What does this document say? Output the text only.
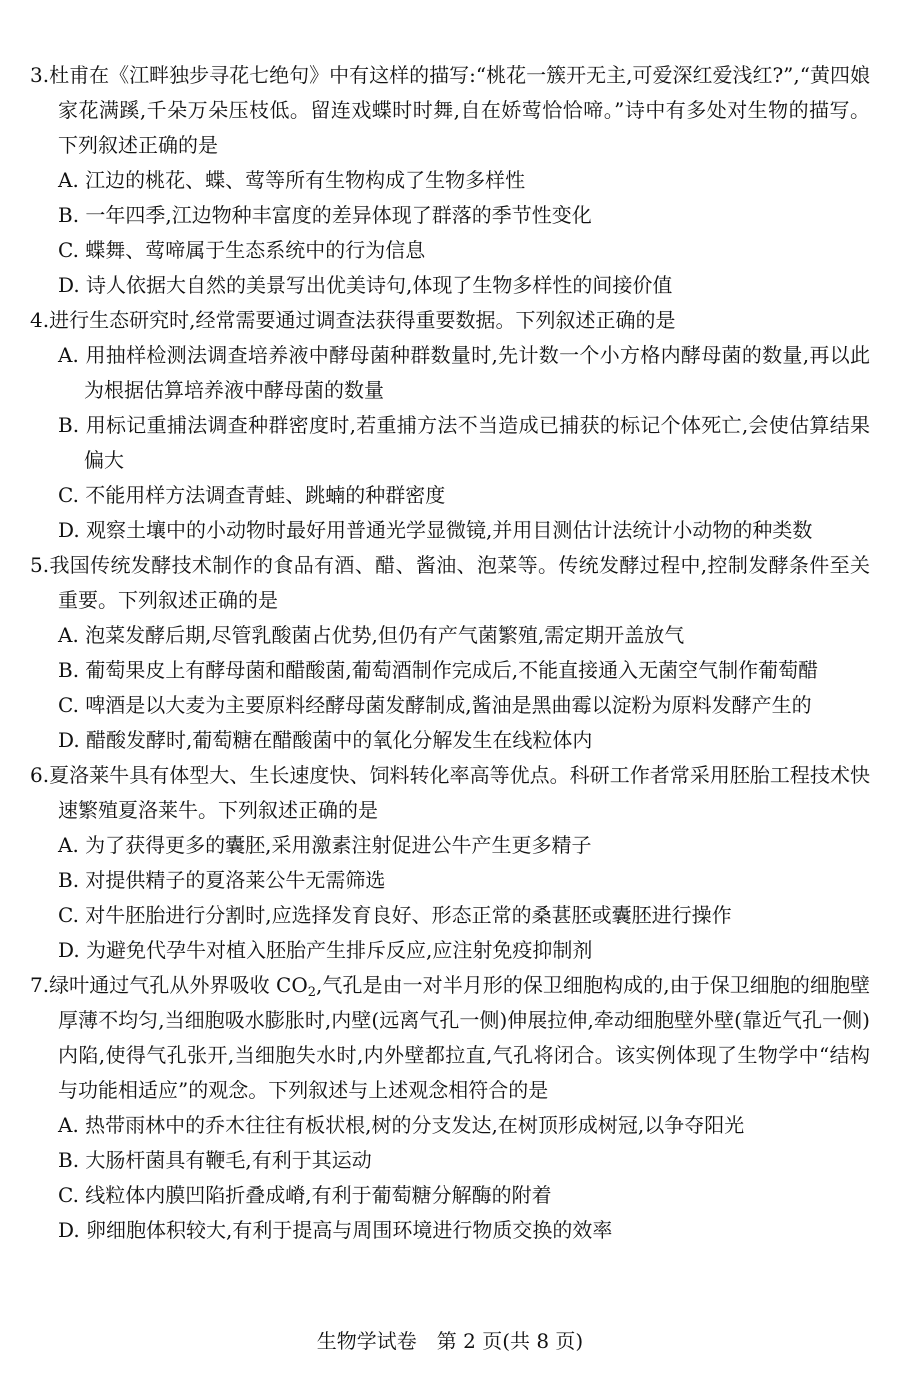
3.杜甫在《江畔独步寻花七绝句》中有这样的描写:“桃花一簇开无主,可爱深红爱浅红?”,“黄四娘家花满蹊,千朵万朵压枝低。留连戏蝶时时舞,自在娇莺恰恰啼。”诗中有多处对生物的描写。下列叙述正确的是

A. 江边的桃花、蝶、莺等所有生物构成了生物多样性
B. 一年四季,江边物种丰富度的差异体现了群落的季节性变化
C. 蝶舞、莺啼属于生态系统中的行为信息
D. 诗人依据大自然的美景写出优美诗句,体现了生物多样性的间接价值

4.进行生态研究时,经常需要通过调查法获得重要数据。下列叙述正确的是

A. 用抽样检测法调查培养液中酵母菌种群数量时,先计数一个小方格内酵母菌的数量,再以此为根据估算培养液中酵母菌的数量
B. 用标记重捕法调查种群密度时,若重捕方法不当造成已捕获的标记个体死亡,会使估算结果偏大
C. 不能用样方法调查青蛙、跳蝻的种群密度
D. 观察土壤中的小动物时最好用普通光学显微镜,并用目测估计法统计小动物的种类数

5.我国传统发酵技术制作的食品有酒、醋、酱油、泡菜等。传统发酵过程中,控制发酵条件至关重要。下列叙述正确的是

A. 泡菜发酵后期,尽管乳酸菌占优势,但仍有产气菌繁殖,需定期开盖放气
B. 葡萄果皮上有酵母菌和醋酸菌,葡萄酒制作完成后,不能直接通入无菌空气制作葡萄醋
C. 啤酒是以大麦为主要原料经酵母菌发酵制成,酱油是黑曲霉以淀粉为原料发酵产生的
D. 醋酸发酵时,葡萄糖在醋酸菌中的氧化分解发生在线粒体内

6.夏洛莱牛具有体型大、生长速度快、饲料转化率高等优点。科研工作者常采用胚胎工程技术快速繁殖夏洛莱牛。下列叙述正确的是

A. 为了获得更多的囊胚,采用激素注射促进公牛产生更多精子
B. 对提供精子的夏洛莱公牛无需筛选
C. 对牛胚胎进行分割时,应选择发育良好、形态正常的桑葚胚或囊胚进行操作
D. 为避免代孕牛对植入胚胎产生排斥反应,应注射免疫抑制剂

7.绿叶通过气孔从外界吸收 $CO_2$,气孔是由一对半月形的保卫细胞构成的,由于保卫细胞的细胞壁厚薄不均匀,当细胞吸水膨胀时,内壁(远离气孔一侧)伸展拉伸,牵动细胞壁外壁(靠近气孔一侧)内陷,使得气孔张开,当细胞失水时,内外壁都拉直,气孔将闭合。该实例体现了生物学中“结构与功能相适应”的观念。下列叙述与上述观念相符合的是

A. 热带雨林中的乔木往往有板状根,树的分支发达,在树顶形成树冠,以争夺阳光
B. 大肠杆菌具有鞭毛,有利于其运动
C. 线粒体内膜凹陷折叠成嵴,有利于葡萄糖分解酶的附着
D. 卵细胞体积较大,有利于提高与周围环境进行物质交换的效率
生物学试卷　第 2 页(共 8 页)
